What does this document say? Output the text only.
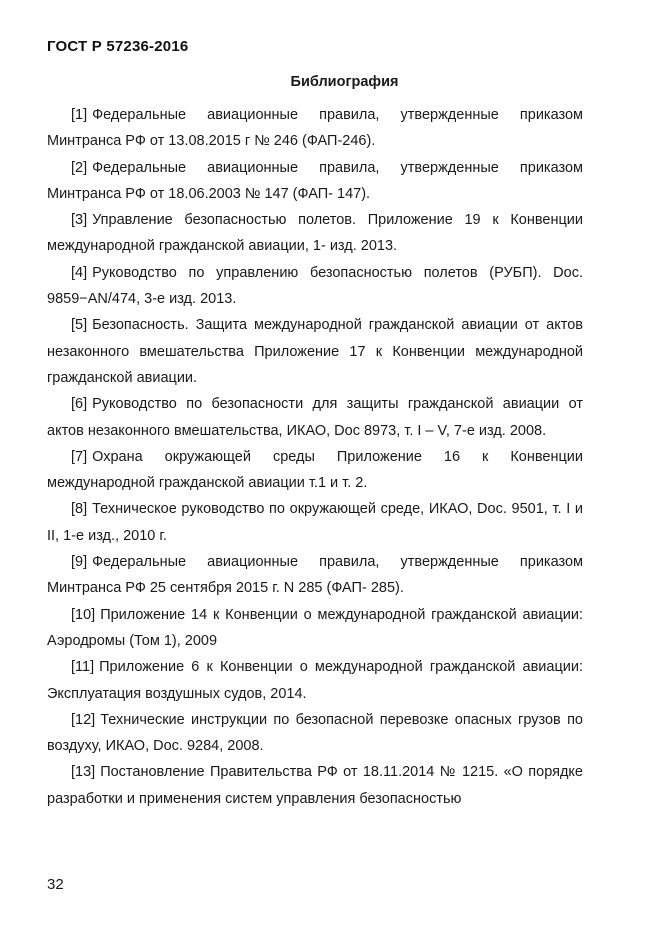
ГОСТ Р 57236-2016
Библиография

[1] Федеральные авиационные правила, утвержденные приказом Минтранса РФ от 13.08.2015 г № 246 (ФАП-246).

[2] Федеральные авиационные правила, утвержденные приказом Минтранса РФ от 18.06.2003 № 147 (ФАП- 147).

[3] Управление безопасностью полетов. Приложение 19 к Конвенции международной гражданской авиации, 1- изд. 2013.

[4] Руководство по управлению безопасностью полетов (РУБП). Doc. 9859−AN/474, 3-е изд. 2013.

[5] Безопасность. Защита международной гражданской авиации от актов незаконного вмешательства Приложение 17 к Конвенции международной гражданской авиации.

[6] Руководство по безопасности для защиты гражданской авиации от актов незаконного вмешательства, ИКАО, Doc 8973, т. I – V, 7-е изд. 2008.

[7] Охрана окружающей среды Приложение 16 к Конвенции международной гражданской авиации т.1 и т. 2.

[8] Техническое руководство по окружающей среде, ИКАО, Doc. 9501, т. I и II, 1-е изд., 2010 г.

[9] Федеральные авиационные правила, утвержденные приказом Минтранса РФ 25 сентября 2015 г. N 285 (ФАП- 285).

[10] Приложение 14 к Конвенции о международной гражданской авиации: Аэродромы (Том 1), 2009

[11] Приложение 6 к Конвенции о международной гражданской авиации: Эксплуатация воздушных судов, 2014.

[12] Технические инструкции по безопасной перевозке опасных грузов по воздуху, ИКАО, Doc. 9284, 2008.

[13] Постановление Правительства РФ от 18.11.2014 № 1215. «О порядке разработки и применения систем управления безопасностью

32
